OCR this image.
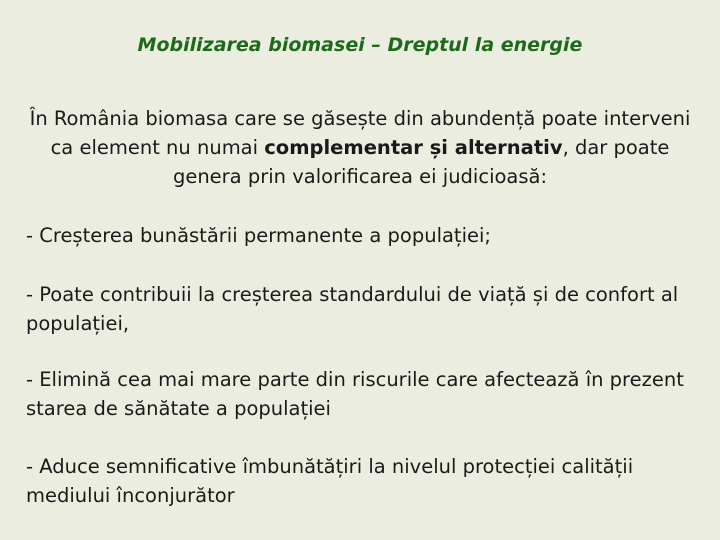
Mobilizarea biomasei – Dreptul la energie

În România biomasa care se găsește din abundență poate interveni ca element nu numai complementar și alternativ, dar poate genera prin valorificarea ei judicioasă:

- Creșterea bunăstării permanente a populației;

- Poate contribuii la creșterea standardului de viață și de confort al populației,

- Elimină cea mai mare parte din riscurile care afectează în prezent starea de sănătate a populației

- Aduce semnificative îmbunătățiri la nivelul protecției calității mediului înconjurător
